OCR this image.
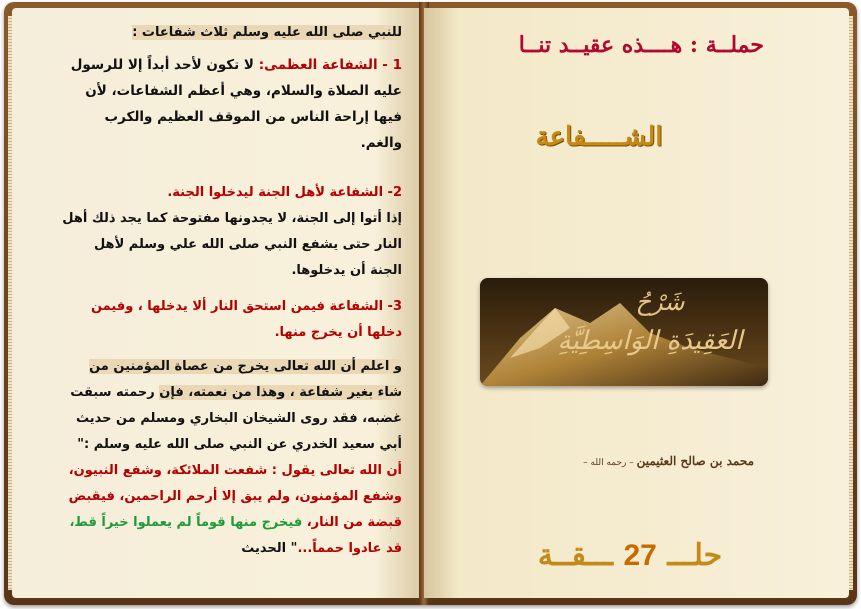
للنبي صلى الله عليه وسلم ثلاث شفاعات :
1 - الشفاعة العظمى: لا تكون لأحد أبداً إلا للرسول عليه الصلاة والسلام، وهي أعظم الشفاعات، لأن فيها إراحة الناس من الموقف العظيم والكرب والغم.
2- الشفاعة لأهل الجنة ليدخلوا الجنة.
إذا أتوا إلى الجنة، لا يجدونها مفتوحة كما يجد ذلك أهل النار حتى يشفع النبي صلى الله علي وسلم لأهل الجنة أن يدخلوها.
3- الشفاعة فيمن استحق النار ألا يدخلها ، وفيمن دخلها أن يخرج منها.
و اعلم أن الله تعالى يخرج من عصاة المؤمنين من شاء بغير شفاعة ، وهذا من نعمته، فإن رحمته سبقت غضبه، فقد روى الشيخان البخاري ومسلم من حديث أبي سعيد الخدري عن النبي صلى الله عليه وسلم :" أن الله تعالى يقول : شفعت الملائكة، وشفع النبيون، وشفع المؤمنون، ولم يبق إلا أرحم الراحمين، فيقبض قبضة من النار، فيخرج منها قوماً لم يعملوا خيراً قط، قد عادوا حمماً..." الحديث
حملــة : هــــذه عقيــد تنــا
الشـــــفاعة
شَرْحُ
العَقِيدَةِ الوَاسِطِيَّةِ
محمد بن صالح العثيمين – رحمه الله –
حلـــ 27 ـــقــة
